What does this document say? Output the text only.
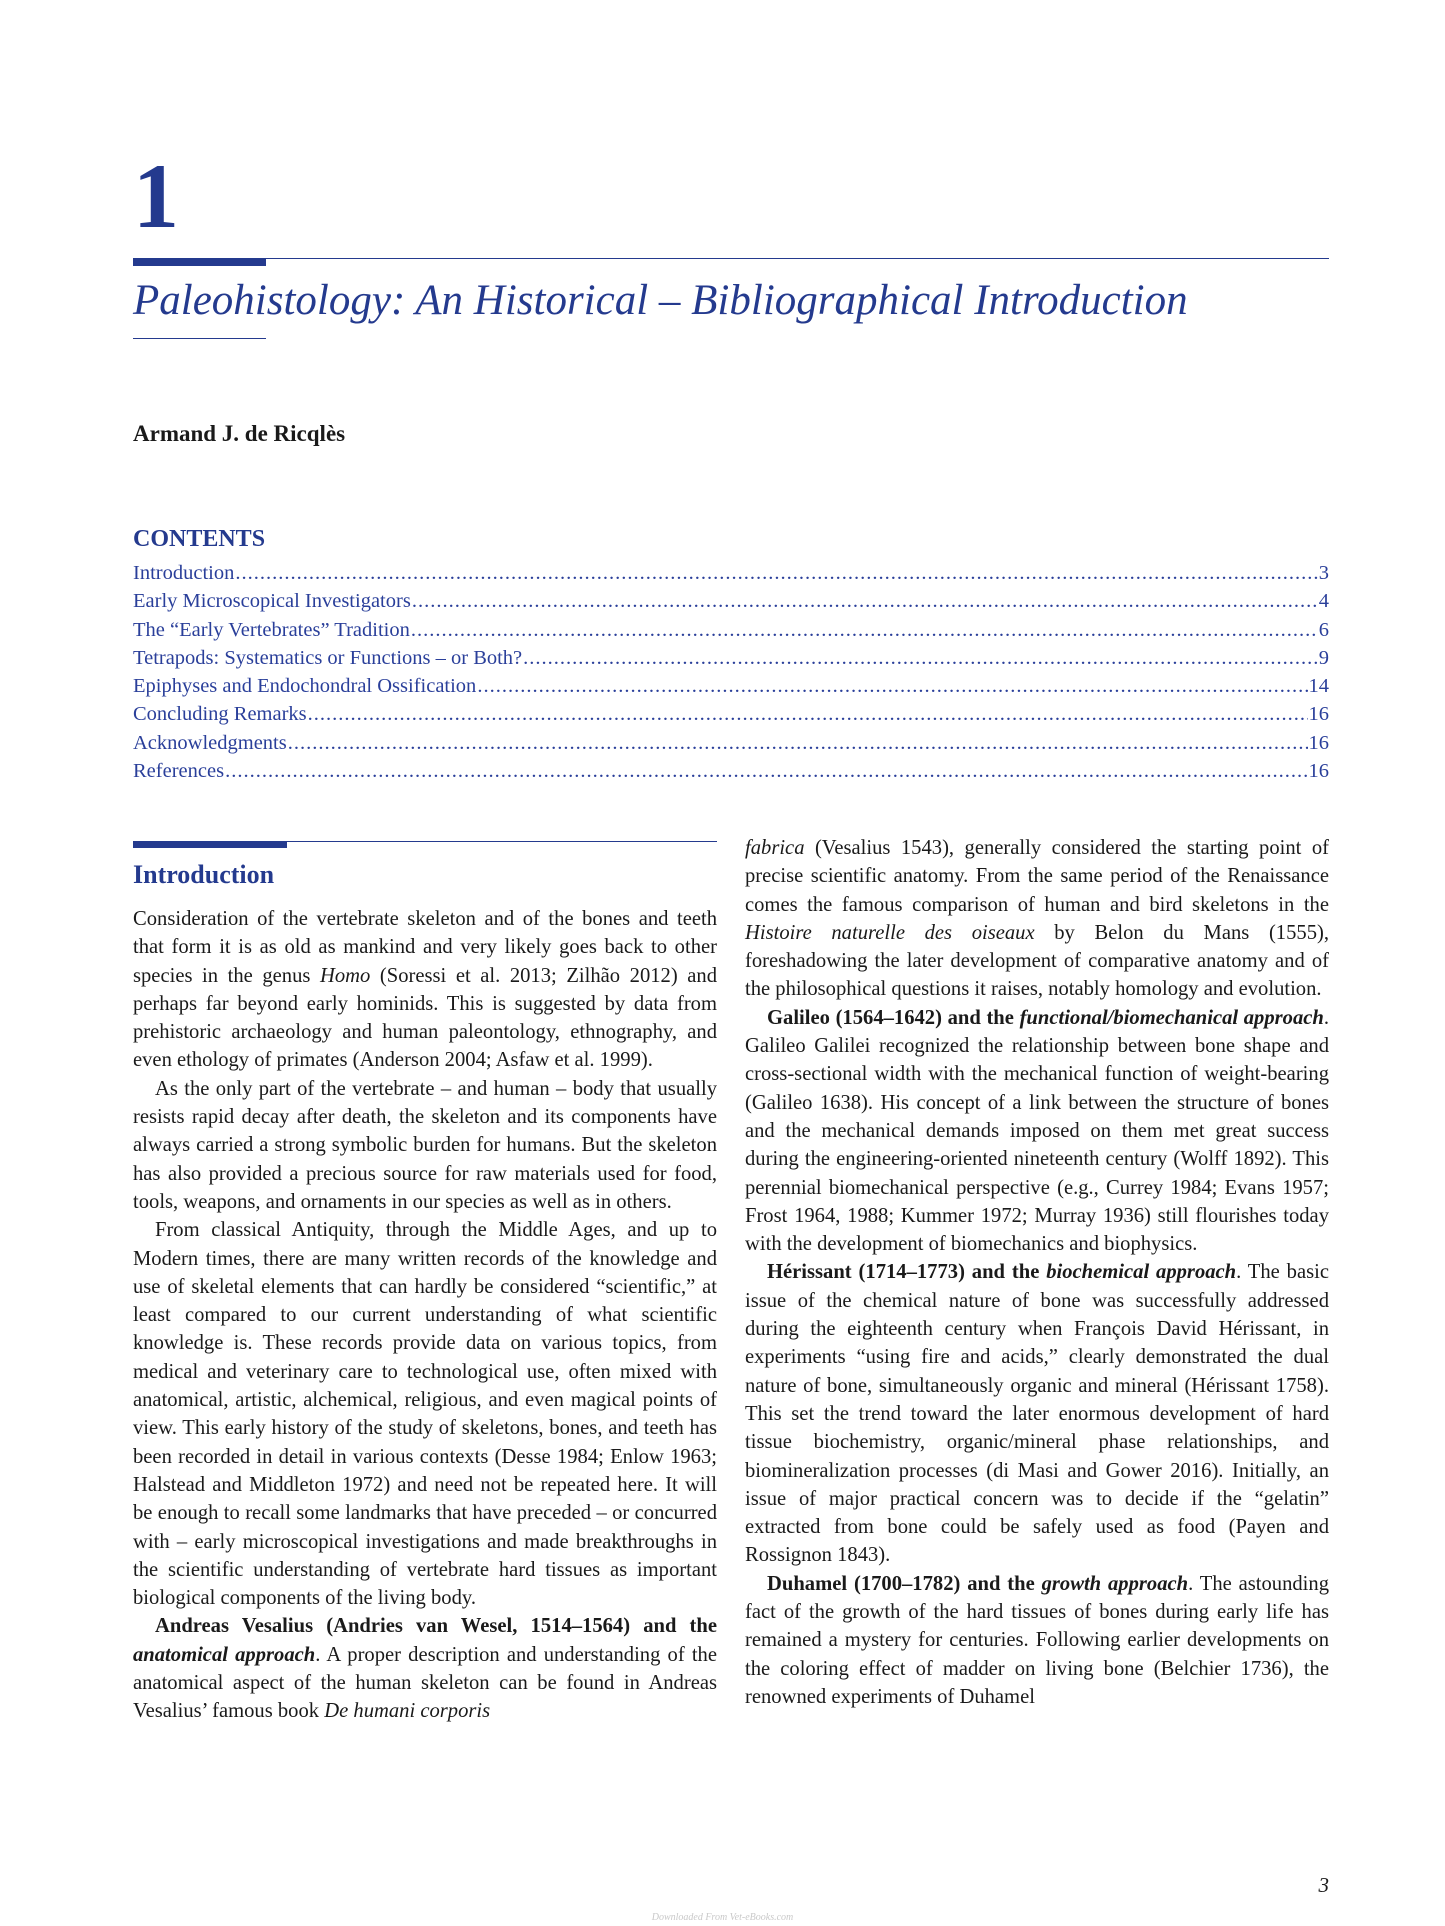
1
Paleohistology: An Historical – Bibliographical Introduction
Armand J. de Ricqlès
CONTENTS
Introduction .....	3
Early Microscopical Investigators .....	4
The “Early Vertebrates” Tradition .....	6
Tetrapods: Systematics or Functions – or Both? .....	9
Epiphyses and Endochondral Ossification .....	14
Concluding Remarks .....	16
Acknowledgments .....	16
References .....	16
Introduction

Consideration of the vertebrate skeleton and of the bones and teeth that form it is as old as mankind and very likely goes back to other species in the genus Homo (Soressi et al. 2013; Zilhão 2012) and perhaps far beyond early hominids. This is suggested by data from prehistoric archaeology and human paleontology, ethnography, and even ethology of primates (Anderson 2004; Asfaw et al. 1999).

As the only part of the vertebrate – and human – body that usually resists rapid decay after death, the skeleton and its components have always carried a strong symbolic burden for humans. But the skeleton has also provided a precious source for raw materials used for food, tools, weapons, and ornaments in our species as well as in others.

From classical Antiquity, through the Middle Ages, and up to Modern times, there are many written records of the knowledge and use of skeletal elements that can hardly be considered “scientific,” at least compared to our current understanding of what scientific knowledge is. These records provide data on various topics, from medical and veterinary care to technological use, often mixed with anatomical, artistic, alchemical, religious, and even magical points of view. This early history of the study of skeletons, bones, and teeth has been recorded in detail in various contexts (Desse 1984; Enlow 1963; Halstead and Middleton 1972) and need not be repeated here. It will be enough to recall some landmarks that have preceded – or concurred with – early microscopical investigations and made breakthroughs in the scientific understanding of vertebrate hard tissues as important biological components of the living body.

Andreas Vesalius (Andries van Wesel, 1514–1564) and the anatomical approach. A proper description and understanding of the anatomical aspect of the human skeleton can be found in Andreas Vesalius’ famous book De humani corporis

fabrica (Vesalius 1543), generally considered the starting point of precise scientific anatomy. From the same period of the Renaissance comes the famous comparison of human and bird skeletons in the Histoire naturelle des oiseaux by Belon du Mans (1555), foreshadowing the later development of comparative anatomy and of the philosophical questions it raises, notably homology and evolution.

Galileo (1564–1642) and the functional/biomechanical approach. Galileo Galilei recognized the relationship between bone shape and cross-sectional width with the mechanical function of weight-bearing (Galileo 1638). His concept of a link between the structure of bones and the mechanical demands imposed on them met great success during the engineering-oriented nineteenth century (Wolff 1892). This perennial biomechanical perspective (e.g., Currey 1984; Evans 1957; Frost 1964, 1988; Kummer 1972; Murray 1936) still flourishes today with the development of biomechanics and biophysics.

Hérissant (1714–1773) and the biochemical approach. The basic issue of the chemical nature of bone was successfully addressed during the eighteenth century when François David Hérissant, in experiments “using fire and acids,” clearly demonstrated the dual nature of bone, simultaneously organic and mineral (Hérissant 1758). This set the trend toward the later enormous development of hard tissue biochemistry, organic/mineral phase relationships, and biomineralization processes (di Masi and Gower 2016). Initially, an issue of major practical concern was to decide if the “gelatin” extracted from bone could be safely used as food (Payen and Rossignon 1843).

Duhamel (1700–1782) and the growth approach. The astounding fact of the growth of the hard tissues of bones during early life has remained a mystery for centuries. Following earlier developments on the coloring effect of madder on living bone (Belchier 1736), the renowned experiments of Duhamel

3
Downloaded From Vet-eBooks.com
